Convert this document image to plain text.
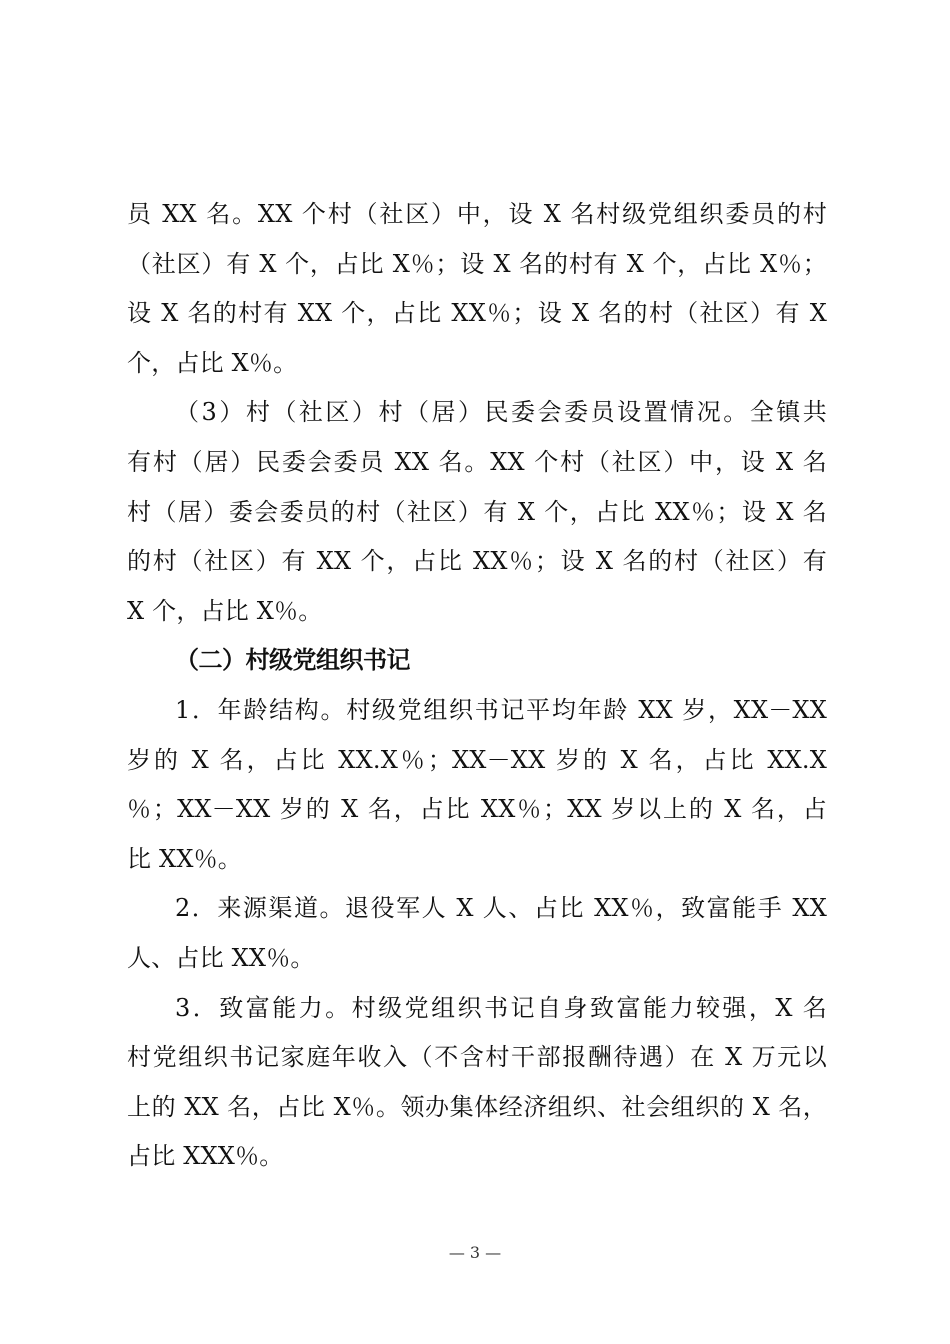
员 XX 名。XX 个村（社区）中，设 X 名村级党组织委员的村
（社区）有 X 个，占比 X％；设 X 名的村有 X 个，占比 X％；
设 X 名的村有 XX 个，占比 XX％；设 X 名的村（社区）有 X
个，占比 X％。
（3）村（社区）村（居）民委会委员设置情况。全镇共
有村（居）民委会委员 XX 名。XX 个村（社区）中，设 X 名
村（居）委会委员的村（社区）有 X 个，占比 XX％；设 X 名
的村（社区）有 XX 个，占比 XX％；设 X 名的村（社区）有
X 个，占比 X％。
（二）村级党组织书记
1．年龄结构。村级党组织书记平均年龄 XX 岁，XX－XX
岁的 X 名，占比 XX.X％；XX－XX 岁的 X 名，占比 XX.X
％；XX－XX 岁的 X 名，占比 XX％；XX 岁以上的 X 名，占
比 XX％。
2．来源渠道。退役军人 X 人、占比 XX％，致富能手 XX
人、占比 XX％。
3．致富能力。村级党组织书记自身致富能力较强，X 名
村党组织书记家庭年收入（不含村干部报酬待遇）在 X 万元以
上的 XX 名，占比 X％。领办集体经济组织、社会组织的 X 名，
占比 XXX％。
— 3 —
